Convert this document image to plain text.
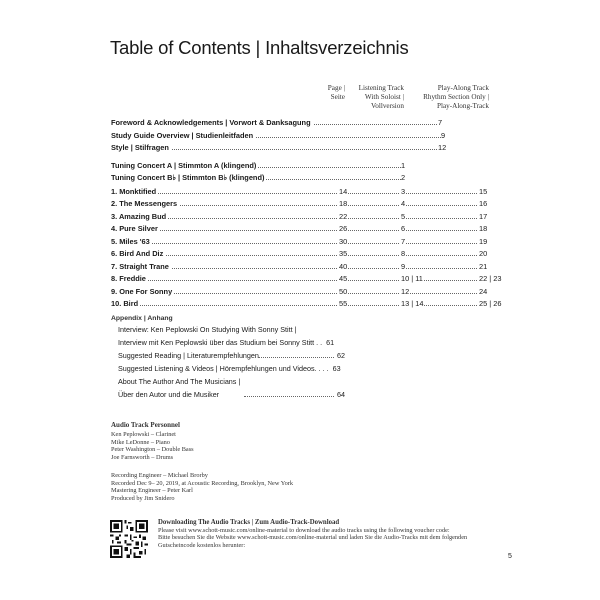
Table of Contents | Inhaltsverzeichnis
Page |
Seite
Listening Track
With Soloist |
Vollversion
Play-Along Track
Rhythm Section Only |
Play-Along-Track
Foreword & Acknowledgements | Vorwort & Danksagung	7
Study Guide Overview | Studienleitfaden	9
Style | Stilfragen	12
Tuning Concert A | Stimmton A (klingend)	1
Tuning Concert B♭ | Stimmton B♭ (klingend)	2
1. Monktified	14	3	15
2. The Messengers	18	4	16
3. Amazing Bud	22	5	17
4. Pure Silver	26	6	18
5. Miles '63	30	7	19
6. Bird And Diz	35	8	20
7. Straight Trane	40	9	21
8. Freddie	45	10 | 11	22 | 23
9. One For Sonny	50	12	24
10. Bird	55	13 | 14	25 | 26
Appendix | Anhang
Interview: Ken Peplowski On Studying With Sonny Stitt |
Interview mit Ken Peplowski über das Studium bei Sonny Stitt . . 61
Suggested Reading | Literaturempfehlungen	62
Suggested Listening & Videos | Hörempfehlungen und Videos. . . . 63
About The Author And The Musicians |
Über den Autor und die Musiker	64
Audio Track Personnel
Ken Peplowski – Clarinet
Mike LeDonne – Piano
Peter Washington – Double Bass
Joe Farnsworth – Drums
Recording Engineer – Michael Brorby
Recorded Dec 9– 20, 2019, at Acoustic Recording, Brooklyn, New York
Mastering Engineer – Peter Karl
Produced by Jim Snidero
Downloading The Audio Tracks | Zum Audio-Track-Download
Please visit www.schott-music.com/online-material to download the audio tracks using the following voucher code:
Bitte besuchen Sie die Website www.schott-music.com/online-material und laden Sie die Audio-Tracks mit dem folgenden Gutscheincode kostenlos herunter:
5
